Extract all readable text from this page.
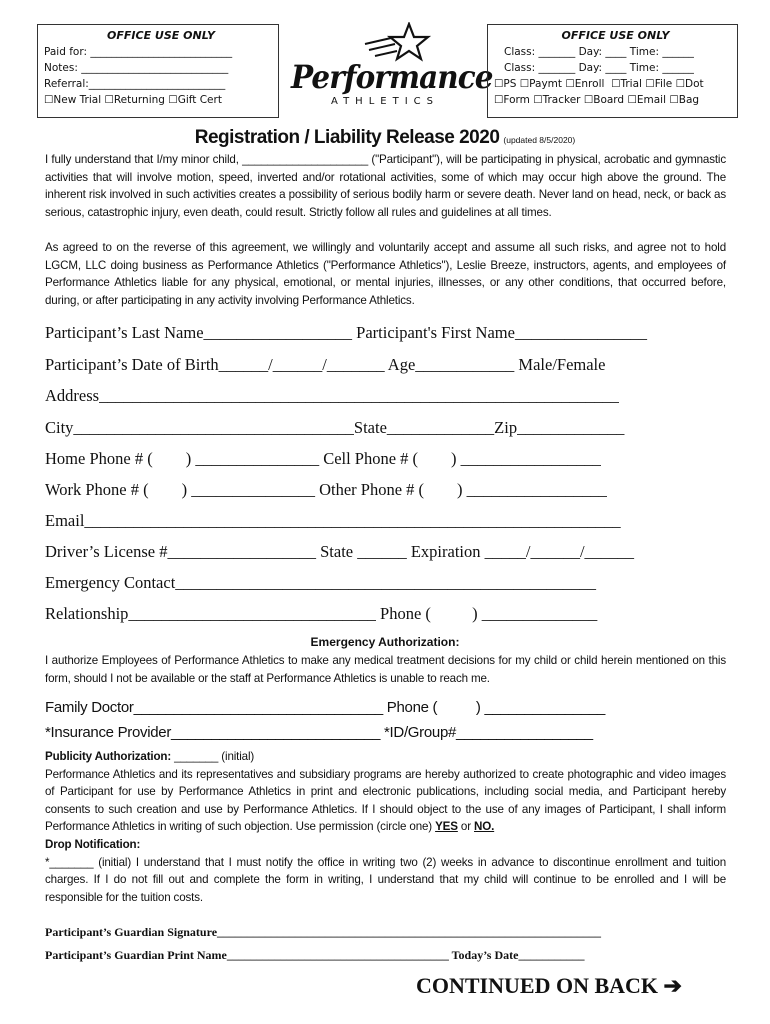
OFFICE USE ONLY
Paid for: ___________________________
Notes: ____________________________
Referral:__________________________
☐New Trial ☐Returning ☐Gift Cert
Performance
ATHLETICS
OFFICE USE ONLY
Class: _______ Day: ____ Time: ______
Class: _______ Day: ____ Time: ______
☐PS ☐Paymt ☐Enroll  ☐Trial ☐File ☐Dot
☐Form ☐Tracker ☐Board ☐Email ☐Bag
Registration / Liability Release 2020 (updated 8/5/2020)
I fully understand that I/my minor child, ____________________ ("Participant"), will be participating in physical, acrobatic and gymnastic activities that will involve motion, speed, inverted and/or rotational activities, some of which may occur high above the ground. The inherent risk involved in such activities creates a possibility of serious bodily harm or severe death. Never land on head, neck, or back as serious, catastrophic injury, even death, could result. Strictly follow all rules and guidelines at all times.
As agreed to on the reverse of this agreement, we willingly and voluntarily accept and assume all such risks, and agree not to hold LGCM, LLC doing business as Performance Athletics ("Performance Athletics"), Leslie Breeze, instructors, agents, and employees of Performance Athletics liable for any physical, emotional, or mental injuries, illnesses, or any other conditions, that occurred before, during, or after participating in any activity involving Performance Athletics.
Participant’s Last Name__________________ Participant's First Name________________
Participant’s Date of Birth______/______/_______ Age____________ Male/Female
Address_______________________________________________________________
City__________________________________State_____________Zip_____________
Home Phone # (        ) _______________ Cell Phone # (        ) _________________
Work Phone # (        ) _______________ Other Phone # (        ) _________________
Email_________________________________________________________________
Driver’s License #__________________ State ______ Expiration _____/______/______
Emergency Contact___________________________________________________
Relationship______________________________ Phone (          ) ______________
Emergency Authorization:
I authorize Employees of Performance Athletics to make any medical treatment decisions for my child or child herein mentioned on this form, should I not be available or the staff at Performance Athletics is unable to reach me.
Family Doctor_______________________________ Phone (          ) _______________
*Insurance Provider__________________________ *ID/Group#_________________
Publicity Authorization: _______ (initial)
Performance Athletics and its representatives and subsidiary programs are hereby authorized to create photographic and video images of Participant for use by Performance Athletics in print and electronic publications, including social media, and Participant hereby consents to such creation and use by Performance Athletics. If I should object to the use of any images of Participant, I shall inform Performance Athletics in writing of such objection. Use permission (circle one) YES or NO.
Drop Notification:
*_______ (initial) I understand that I must notify the office in writing two (2) weeks in advance to discontinue enrollment and tuition charges. If I do not fill out and complete the form in writing, I understand that my child will continue to be enrolled and I will be responsible for the tuition costs.
Participant’s Guardian Signature________________________________________________________________
Participant’s Guardian Print Name_____________________________________ Today’s Date___________
CONTINUED ON BACK ➔
